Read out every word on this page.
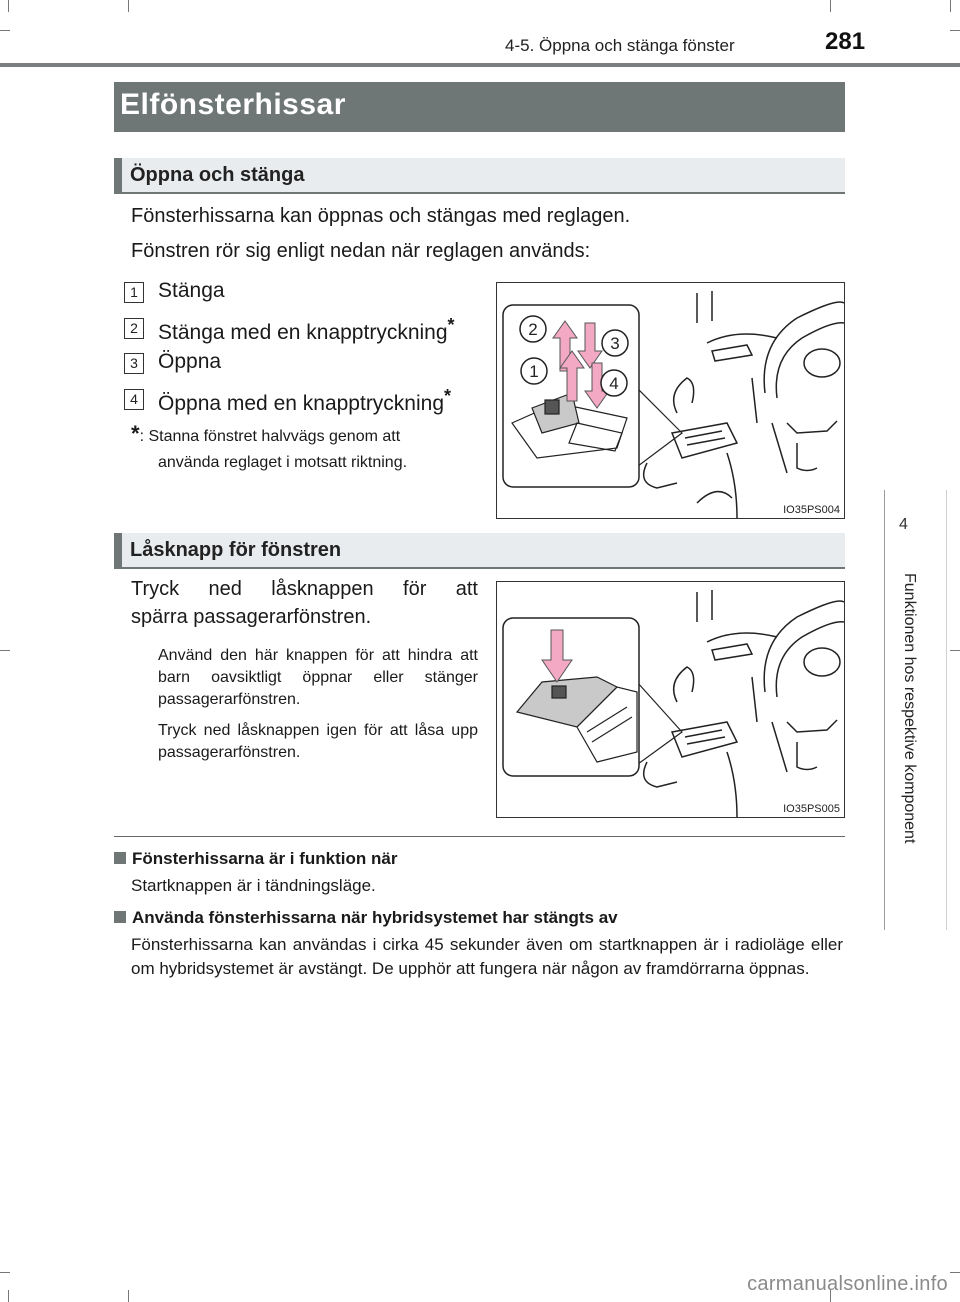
4-5. Öppna och stänga fönster	281
Elfönsterhissar
Öppna och stänga
Fönsterhissarna kan öppnas och stängas med reglagen.
Fönstren rör sig enligt nedan när reglagen används:
1 Stänga
2 Stänga med en knapptryckning*
3 Öppna
4 Öppna med en knapptryckning*
*: Stanna fönstret halvvägs genom att
använda reglaget i motsatt riktning.
1
2
3
4
IO35PS004
Låsknapp för fönstren
Tryck ned låsknappen för att
spärra passagerarfönstren.
Använd den här knappen för att hindra att barn oavsiktligt öppnar eller stänger passagerarfönstren.
Tryck ned låsknappen igen för att låsa upp passagerarfönstren.
IO35PS005
Fönsterhissarna är i funktion när
Startknappen är i tändningsläge.
Använda fönsterhissarna när hybridsystemet har stängts av
Fönsterhissarna kan användas i cirka 45 sekunder även om startknappen är i radioläge eller om hybridsystemet är avstängt. De upphör att fungera när någon av framdörrarna öppnas.
4
Funktionen hos respektive komponent
carmanualsonline.info
